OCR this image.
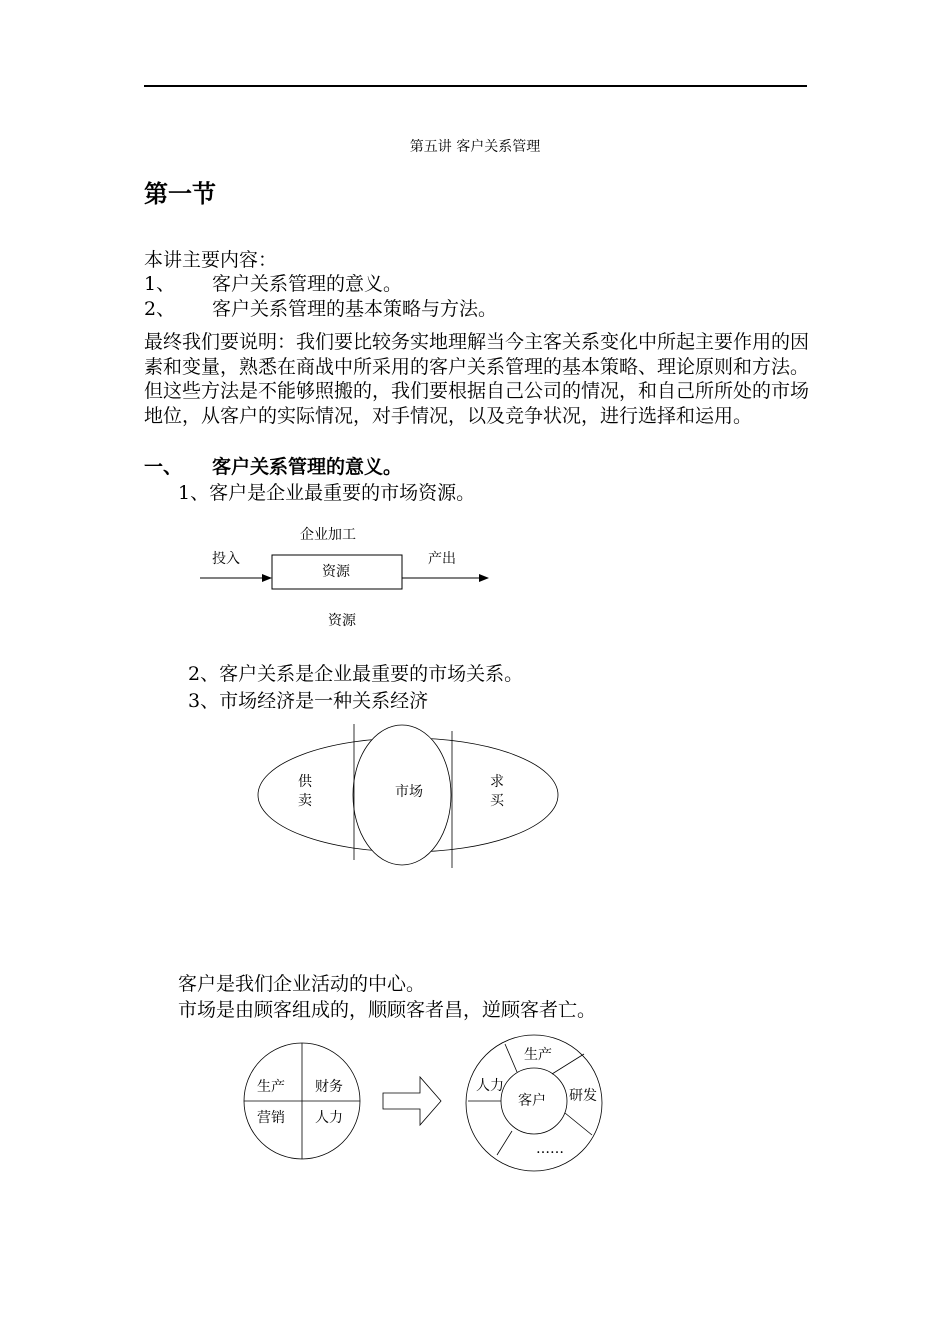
第五讲 客户关系管理
第一节
本讲主要内容：
1、 客户关系管理的意义。
2、 客户关系管理的基本策略与方法。
最终我们要说明：我们要比较务实地理解当今主客关系变化中所起主要作用的因素和变量，熟悉在商战中所采用的客户关系管理的基本策略、理论原则和方法。但这些方法是不能够照搬的，我们要根据自己公司的情况，和自己所所处的市场地位，从客户的实际情况，对手情况，以及竞争状况，进行选择和运用。
一、 客户关系管理的意义。
1、客户是企业最重要的市场资源。
企业加工
投入
资源
产出
资源
供
卖
市场
求
买
生产 财务
营销 人力
客户
生产
研发
……
人力
2、客户关系是企业最重要的市场关系。
3、市场经济是一种关系经济
客户是我们企业活动的中心。
市场是由顾客组成的，顺顾客者昌，逆顾客者亡。
